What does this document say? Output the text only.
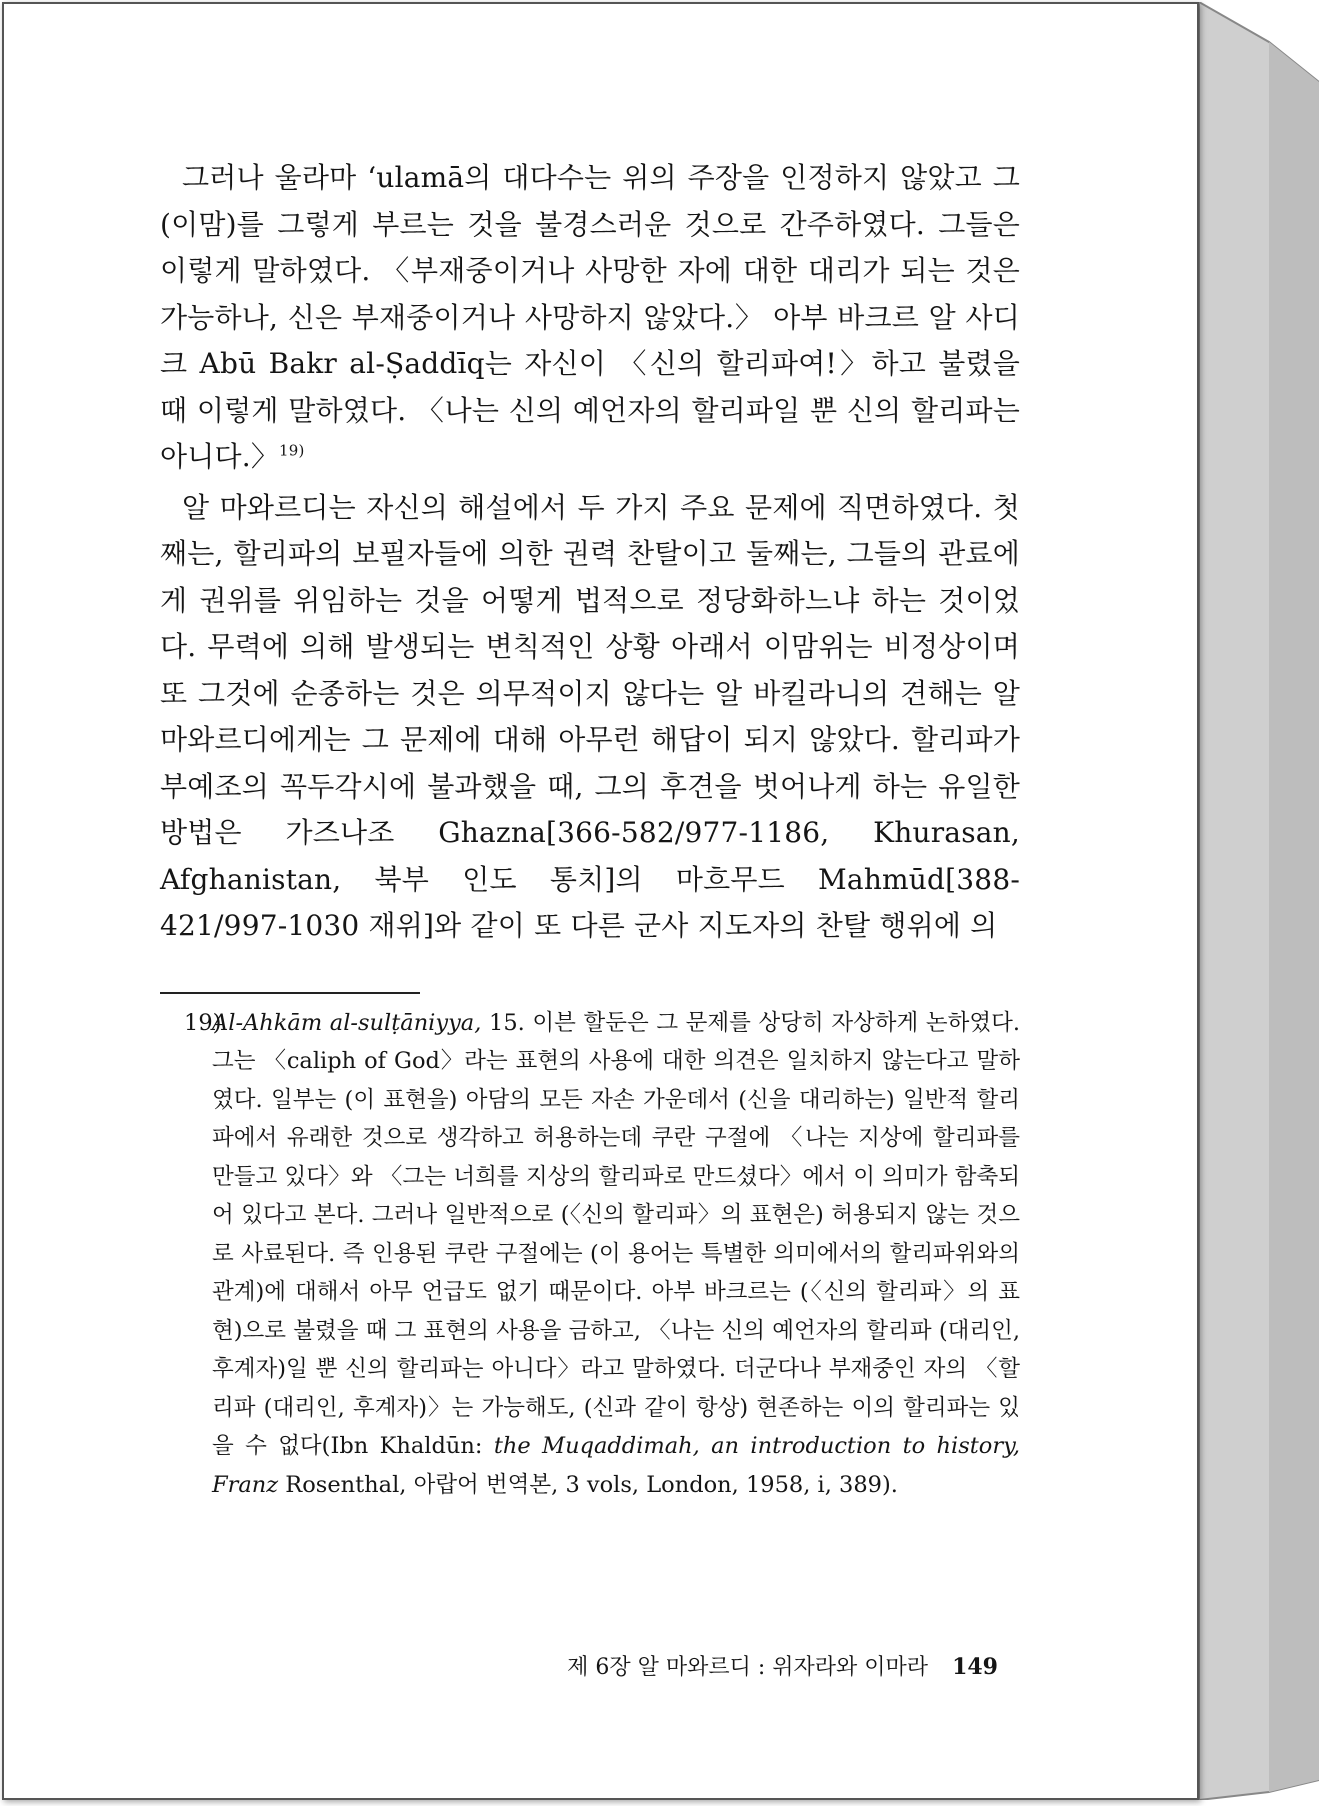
그러나 울라마 ‘ulamā의 대다수는 위의 주장을 인정하지 않았고 그(이맘)를 그렇게 부르는 것을 불경스러운 것으로 간주하였다. 그들은 이렇게 말하였다. 〈부재중이거나 사망한 자에 대한 대리가 되는 것은 가능하나, 신은 부재중이거나 사망하지 않았다.〉 아부 바크르 알 사디크 Abū Bakr al-Ṣaddīq는 자신이 〈신의 할리파여!〉하고 불렸을 때 이렇게 말하였다. 〈나는 신의 예언자의 할리파일 뿐 신의 할리파는 아니다.〉$^{19)}$

알 마와르디는 자신의 해설에서 두 가지 주요 문제에 직면하였다. 첫째는, 할리파의 보필자들에 의한 권력 찬탈이고 둘째는, 그들의 관료에게 권위를 위임하는 것을 어떻게 법적으로 정당화하느냐 하는 것이었다. 무력에 의해 발생되는 변칙적인 상황 아래서 이맘위는 비정상이며 또 그것에 순종하는 것은 의무적이지 않다는 알 바킬라니의 견해는 알 마와르디에게는 그 문제에 대해 아무런 해답이 되지 않았다. 할리파가 부예조의 꼭두각시에 불과했을 때, 그의 후견을 벗어나게 하는 유일한 방법은 가즈나조 Ghazna[366-582/977-1186, Khurasan, Afghanistan, 북부 인도 통치]의 마흐무드 Mahmūd[388-421/997-1030 재위]와 같이 또 다른 군사 지도자의 찬탈 행위에 의

19)
Al-Ahkām al-sulṭāniyya, 15. 이븐 할둔은 그 문제를 상당히 자상하게 논하였다. 그는 〈caliph of God〉라는 표현의 사용에 대한 의견은 일치하지 않는다고 말하였다. 일부는 (이 표현을) 아담의 모든 자손 가운데서 (신을 대리하는) 일반적 할리파에서 유래한 것으로 생각하고 허용하는데 쿠란 구절에 〈나는 지상에 할리파를 만들고 있다〉와 〈그는 너희를 지상의 할리파로 만드셨다〉에서 이 의미가 함축되어 있다고 본다. 그러나 일반적으로 (〈신의 할리파〉의 표현은) 허용되지 않는 것으로 사료된다. 즉 인용된 쿠란 구절에는 (이 용어는 특별한 의미에서의 할리파위와의 관계)에 대해서 아무 언급도 없기 때문이다. 아부 바크르는 (〈신의 할리파〉의 표현)으로 불렸을 때 그 표현의 사용을 금하고, 〈나는 신의 예언자의 할리파 (대리인, 후계자)일 뿐 신의 할리파는 아니다〉라고 말하였다. 더군다나 부재중인 자의 〈할리파 (대리인, 후계자)〉는 가능해도, (신과 같이 항상) 현존하는 이의 할리파는 있을 수 없다(Ibn Khaldūn: the Muqaddimah, an introduction to history, Franz Rosenthal, 아랍어 번역본, 3 vols, London, 1958, i, 389).
제 6장 알 마와르디 : 위자라와 이마라 149
